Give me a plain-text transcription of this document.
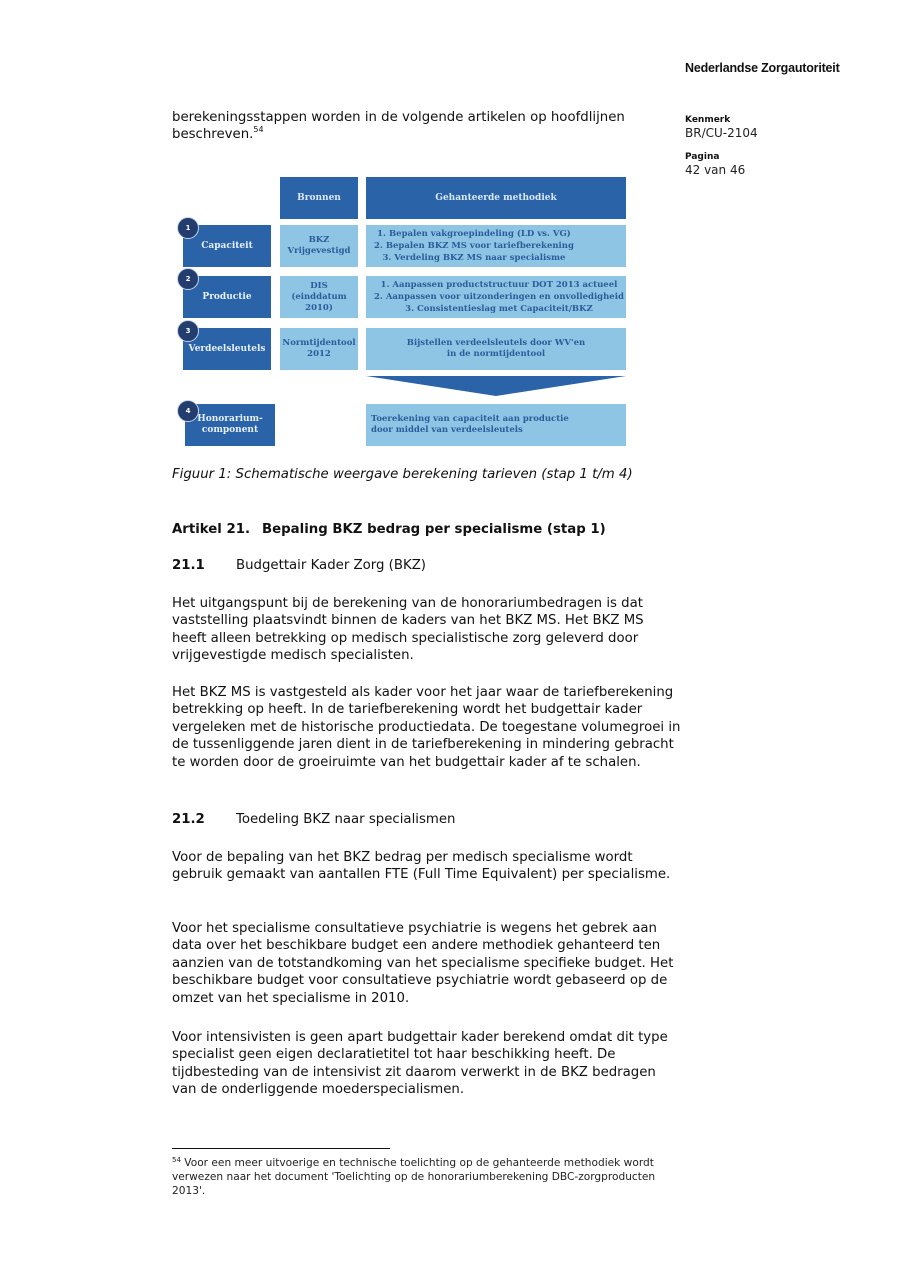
Nederlandse Zorgautoriteit
Kenmerk
BR/CU-2104
Pagina
42 van 46
berekeningsstappen worden in de volgende artikelen op hoofdlijnen beschreven.$^{54}$
Bronnen	Gehanteerde methodiek
Capaciteit
1
BKZ Vrijgevestigd
1. Bepalen vakgroepindeling (LD vs. VG)
2. Bepalen BKZ MS voor tariefberekening
3. Verdeling BKZ MS naar specialisme
Productie
2
DIS (einddatum 2010)
1. Aanpassen productstructuur DOT 2013 actueel
2. Aanpassen voor uitzonderingen en onvolledigheid
3. Consistentieslag met Capaciteit/BKZ
Verdeelsleutels
3
Normtijdentool 2012
Bijstellen verdeelsleutels door WV'en in de normtijdentool
Honorarium-component
4
Toerekening van capaciteit aan productie door middel van verdeelsleutels
Figuur 1: Schematische weergave berekening tarieven (stap 1 t/m 4)
Artikel 21. Bepaling BKZ bedrag per specialisme (stap 1)
21.1 Budgettair Kader Zorg (BKZ)
Het uitgangspunt bij de berekening van de honorariumbedragen is dat vaststelling plaatsvindt binnen de kaders van het BKZ MS. Het BKZ MS heeft alleen betrekking op medisch specialistische zorg geleverd door vrijgevestigde medisch specialisten.
Het BKZ MS is vastgesteld als kader voor het jaar waar de tariefberekening betrekking op heeft. In de tariefberekening wordt het budgettair kader vergeleken met de historische productiedata. De toegestane volumegroei in de tussenliggende jaren dient in de tariefberekening in mindering gebracht te worden door de groeiruimte van het budgettair kader af te schalen.
21.2 Toedeling BKZ naar specialismen
Voor de bepaling van het BKZ bedrag per medisch specialisme wordt gebruik gemaakt van aantallen FTE (Full Time Equivalent) per specialisme.
Voor het specialisme consultatieve psychiatrie is wegens het gebrek aan data over het beschikbare budget een andere methodiek gehanteerd ten aanzien van de totstandkoming van het specialisme specifieke budget. Het beschikbare budget voor consultatieve psychiatrie wordt gebaseerd op de omzet van het specialisme in 2010.
Voor intensivisten is geen apart budgettair kader berekend omdat dit type specialist geen eigen declaratietitel tot haar beschikking heeft. De tijdbesteding van de intensivist zit daarom verwerkt in de BKZ bedragen van de onderliggende moederspecialismen.
$^{54}$ Voor een meer uitvoerige en technische toelichting op de gehanteerde methodiek wordt verwezen naar het document 'Toelichting op de honorariumberekening DBC-zorgproducten 2013'.
